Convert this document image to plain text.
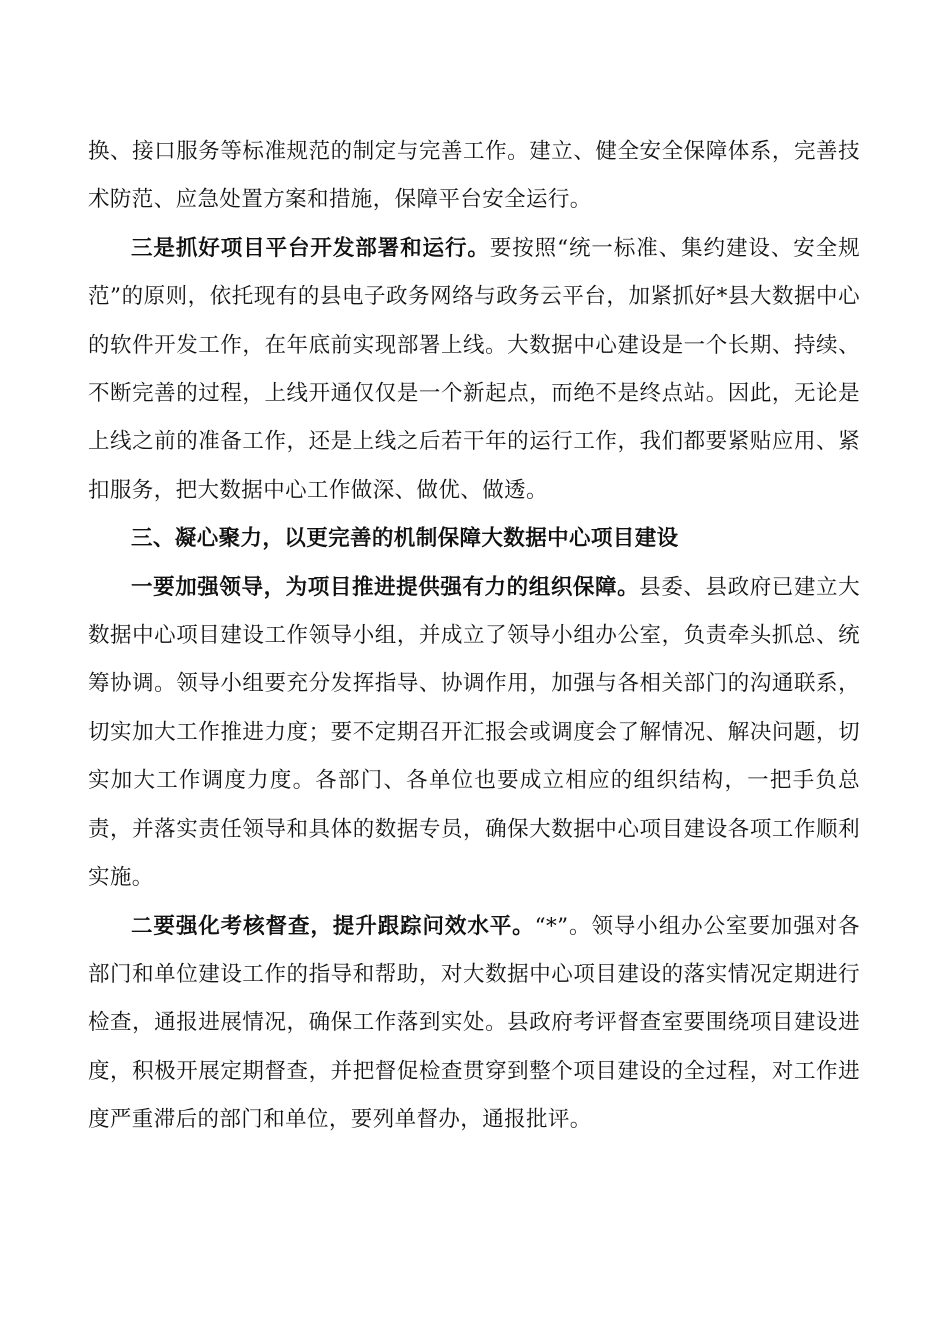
换、接口服务等标准规范的制定与完善工作。建立、健全安全保障体系，完善技术防范、应急处置方案和措施，保障平台安全运行。

三是抓好项目平台开发部署和运行。要按照“统一标准、集约建设、安全规范”的原则，依托现有的县电子政务网络与政务云平台，加紧抓好*县大数据中心的软件开发工作，在年底前实现部署上线。大数据中心建设是一个长期、持续、不断完善的过程，上线开通仅仅是一个新起点，而绝不是终点站。因此，无论是上线之前的准备工作，还是上线之后若干年的运行工作，我们都要紧贴应用、紧扣服务，把大数据中心工作做深、做优、做透。

三、凝心聚力，以更完善的机制保障大数据中心项目建设

一要加强领导，为项目推进提供强有力的组织保障。县委、县政府已建立大数据中心项目建设工作领导小组，并成立了领导小组办公室，负责牵头抓总、统筹协调。领导小组要充分发挥指导、协调作用，加强与各相关部门的沟通联系，切实加大工作推进力度；要不定期召开汇报会或调度会了解情况、解决问题，切实加大工作调度力度。各部门、各单位也要成立相应的组织结构，一把手负总责，并落实责任领导和具体的数据专员，确保大数据中心项目建设各项工作顺利实施。

二要强化考核督查，提升跟踪问效水平。“*”。领导小组办公室要加强对各部门和单位建设工作的指导和帮助，对大数据中心项目建设的落实情况定期进行检查，通报进展情况，确保工作落到实处。县政府考评督查室要围绕项目建设进度，积极开展定期督查，并把督促检查贯穿到整个项目建设的全过程，对工作进度严重滞后的部门和单位，要列单督办，通报批评。
